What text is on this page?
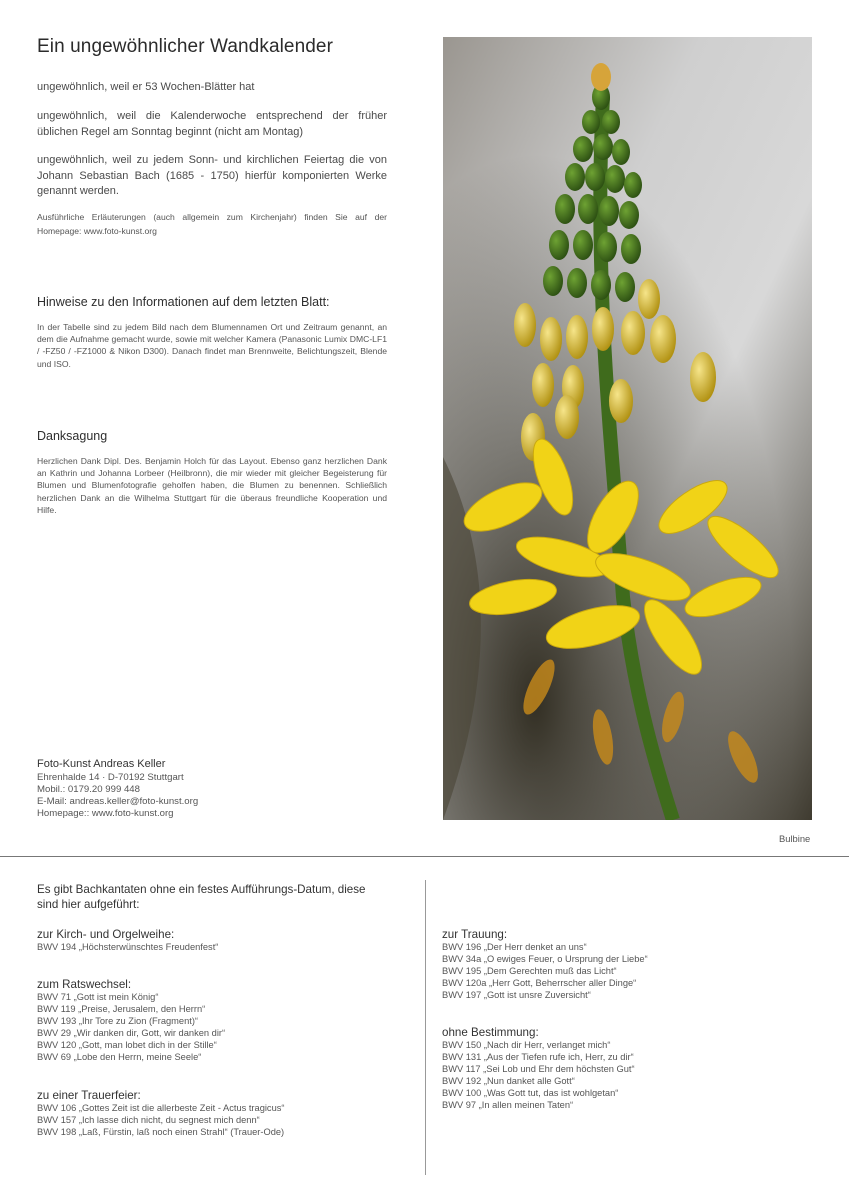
Ein ungewöhnlicher Wandkalender
ungewöhnlich, weil er 53 Wochen-Blätter hat
ungewöhnlich, weil die Kalenderwoche entsprechend der früher üblichen Regel am Sonntag beginnt (nicht am Montag)
ungewöhnlich, weil zu jedem Sonn- und kirchlichen Feiertag die von Johann Sebastian Bach (1685 - 1750) hierfür komponierten Werke genannt werden.
Ausführliche Erläuterungen (auch allgemein zum Kirchenjahr) finden Sie auf der Homepage: www.foto-kunst.org
Hinweise zu den Informationen auf dem letzten Blatt:
In der Tabelle sind zu jedem Bild nach dem Blumennamen Ort und Zeitraum genannt, an dem die Aufnahme gemacht wurde, sowie mit welcher Kamera (Panasonic Lumix DMC-LF1 / -FZ50 / -FZ1000 & Nikon D300). Danach findet man Brennweite, Belichtungszeit, Blende und ISO.
Danksagung
Herzlichen Dank Dipl. Des. Benjamin Holch für das Layout. Ebenso ganz herzlichen Dank an Kathrin und Johanna Lorbeer (Heilbronn), die mir wieder mit gleicher Begeisterung für Blumen und Blumenfotografie geholfen haben, die Blumen zu benennen. Schließlich herzlichen Dank an die Wilhelma Stuttgart für die überaus freundliche Kooperation und Hilfe.
Foto-Kunst Andreas Keller
Ehrenhalde 14 · D-70192 Stuttgart
Mobil.: 0179.20 999 448
E-Mail: andreas.keller@foto-kunst.org
Homepage:: www.foto-kunst.org
Bulbine
Es gibt Bachkantaten ohne ein festes Aufführungs-Datum, diese sind hier aufgeführt:
zur Kirch- und Orgelweihe:
BWV 194 „Höchsterwünschtes Freudenfest“
zum Ratswechsel:
BWV 71 „Gott ist mein König“
BWV 119 „Preise, Jerusalem, den Herrn“
BWV 193 „Ihr Tore zu Zion (Fragment)“
BWV 29 „Wir danken dir, Gott, wir danken dir“
BWV 120 „Gott, man lobet dich in der Stille“
BWV 69 „Lobe den Herrn, meine Seele“
zu einer Trauerfeier:
BWV 106 „Gottes Zeit ist die allerbeste Zeit - Actus tragicus“
BWV 157 „Ich lasse dich nicht, du segnest mich denn“
BWV 198 „Laß, Fürstin, laß noch einen Strahl“ (Trauer-Ode)
zur Trauung:
BWV 196 „Der Herr denket an uns“
BWV 34a „O ewiges Feuer, o Ursprung der Liebe“
BWV 195 „Dem Gerechten muß das Licht“
BWV 120a „Herr Gott, Beherrscher aller Dinge“
BWV 197 „Gott ist unsre Zuversicht“
ohne Bestimmung:
BWV 150 „Nach dir Herr, verlanget mich“
BWV 131 „Aus der Tiefen rufe ich, Herr, zu dir“
BWV 117 „Sei Lob und Ehr dem höchsten Gut“
BWV 192 „Nun danket alle Gott“
BWV 100 „Was Gott tut, das ist wohlgetan“
BWV 97 „In allen meinen Taten“
